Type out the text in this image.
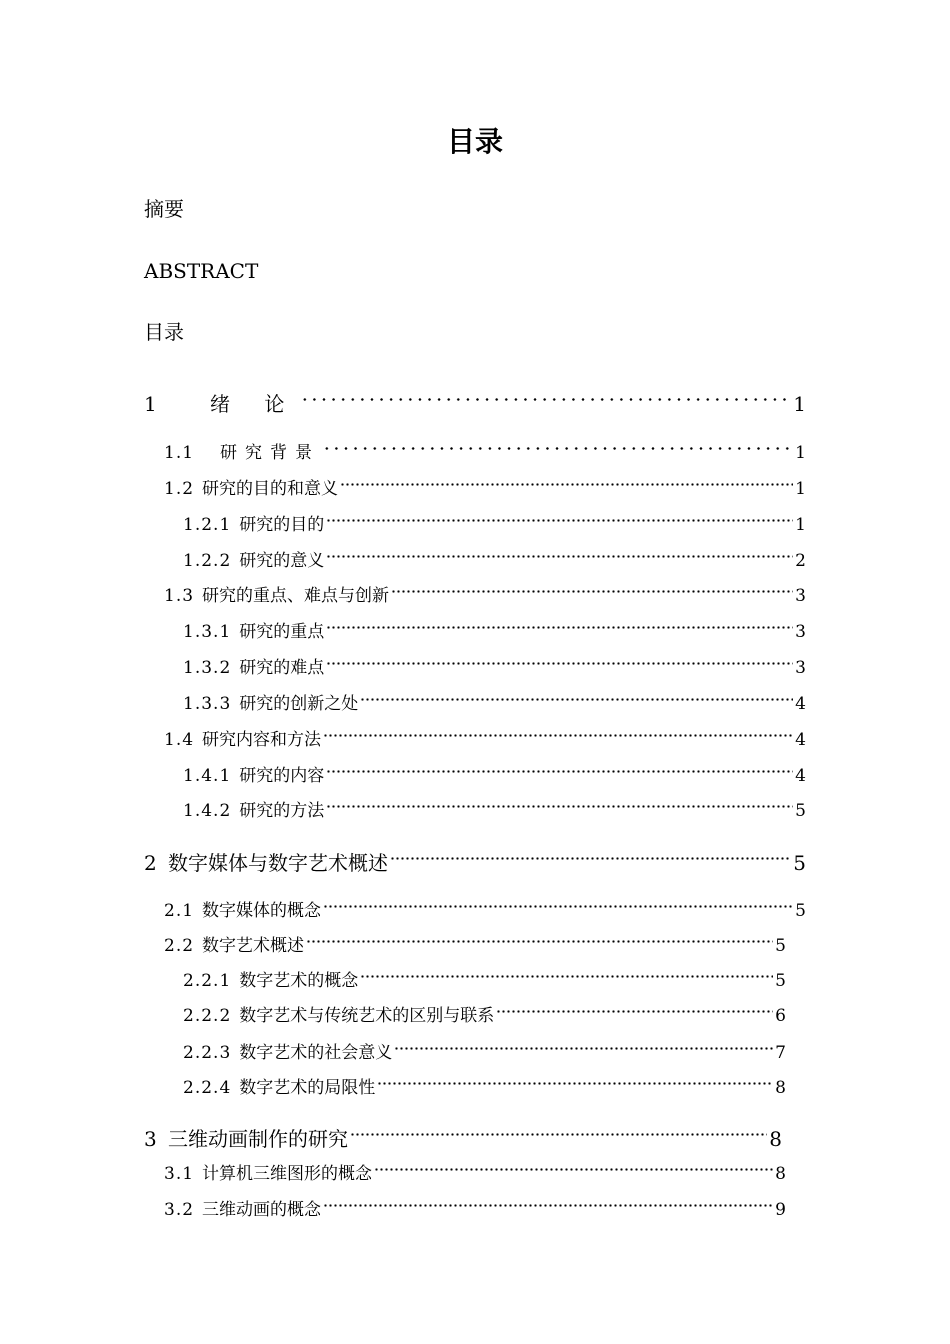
目录
摘要
ABSTRACT
目录
1	绪 论	1
1.1 研究背景	1
1.2 研究的目的和意义	1
1.2.1 研究的目的	1
1.2.2 研究的意义	2
1.3 研究的重点、难点与创新	3
1.3.1 研究的重点	3
1.3.2 研究的难点	3
1.3.3 研究的创新之处	4
1.4 研究内容和方法	4
1.4.1 研究的内容	4
1.4.2 研究的方法	5
2 数字媒体与数字艺术概述	5
2.1 数字媒体的概念	5
2.2 数字艺术概述	5
2.2.1 数字艺术的概念	5
2.2.2 数字艺术与传统艺术的区别与联系	6
2.2.3 数字艺术的社会意义	7
2.2.4 数字艺术的局限性	8
3 三维动画制作的研究	8
3.1 计算机三维图形的概念	8
3.2 三维动画的概念	9
